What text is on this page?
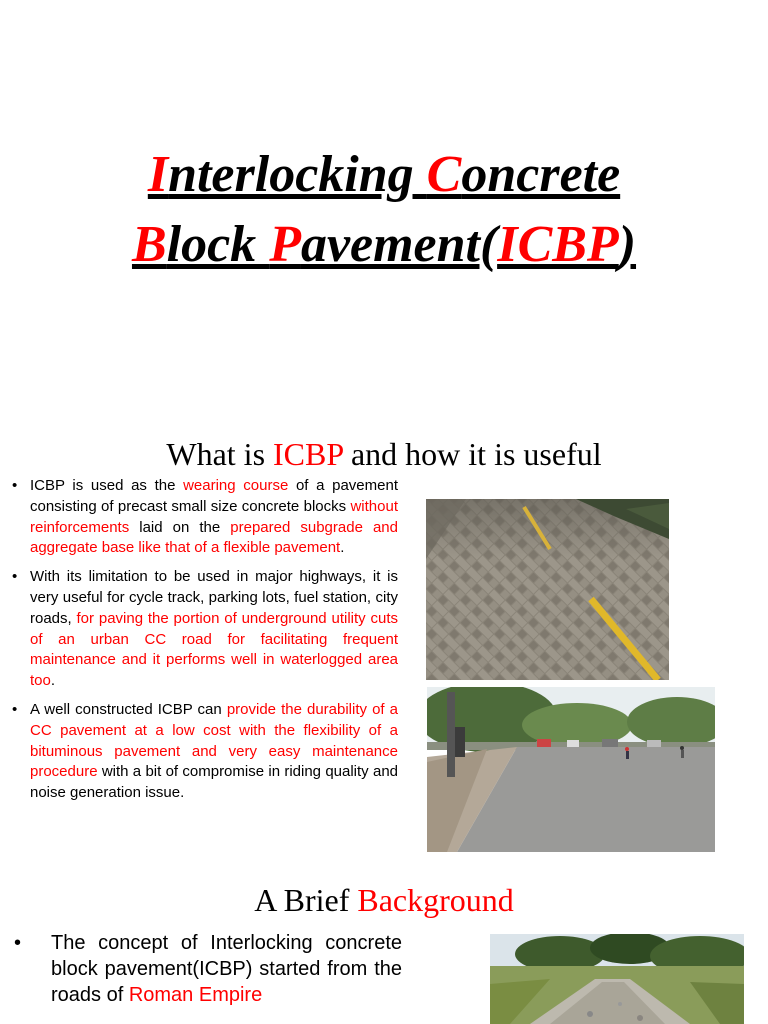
Interlocking Concrete
Block Pavement(ICBP)
What is ICBP and how it is useful
• ICBP is used as the wearing course of a pavement consisting of precast small size concrete blocks without reinforcements laid on the prepared subgrade and aggregate base like that of a flexible pavement.
• With its limitation to be used in major highways, it is very useful for cycle track, parking lots, fuel station, city roads, for paving the portion of underground utility cuts of an urban CC road for facilitating frequent maintenance and it performs well in waterlogged area too.
• A well constructed ICBP can provide the durability of a CC pavement at a low cost with the flexibility of a bituminous pavement and very easy maintenance procedure with a bit of compromise in riding quality and noise generation issue.
A Brief Background
• The concept of Interlocking concrete block pavement(ICBP) started from the roads of Roman Empire
